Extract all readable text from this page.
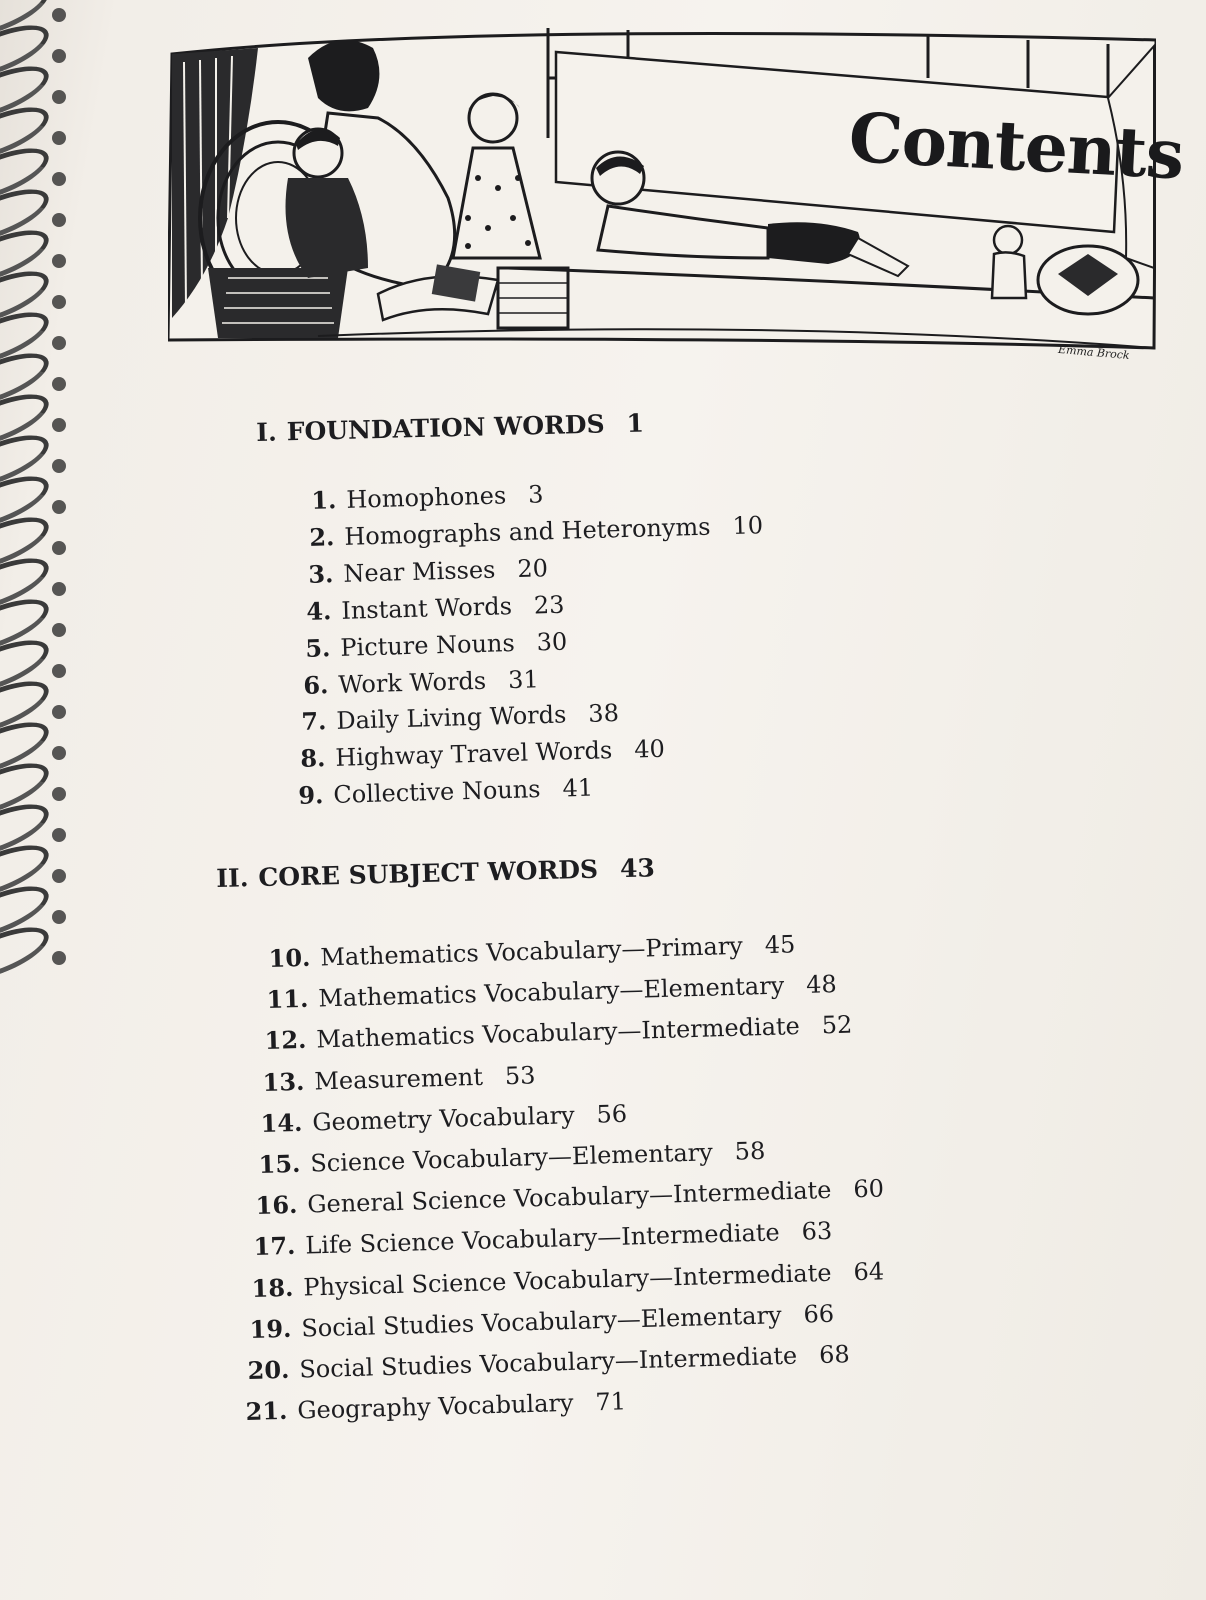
Contents
Emma Brock
I. FOUNDATION WORDS 1
1. Homophones 3
2. Homographs and Heteronyms 10
3. Near Misses 20
4. Instant Words 23
5. Picture Nouns 30
6. Work Words 31
7. Daily Living Words 38
8. Highway Travel Words 40
9. Collective Nouns 41
II. CORE SUBJECT WORDS 43
10. Mathematics Vocabulary—Primary 45
11. Mathematics Vocabulary—Elementary 48
12. Mathematics Vocabulary—Intermediate 52
13. Measurement 53
14. Geometry Vocabulary 56
15. Science Vocabulary—Elementary 58
16. General Science Vocabulary—Intermediate 60
17. Life Science Vocabulary—Intermediate 63
18. Physical Science Vocabulary—Intermediate 64
19. Social Studies Vocabulary—Elementary 66
20. Social Studies Vocabulary—Intermediate 68
21. Geography Vocabulary 71
